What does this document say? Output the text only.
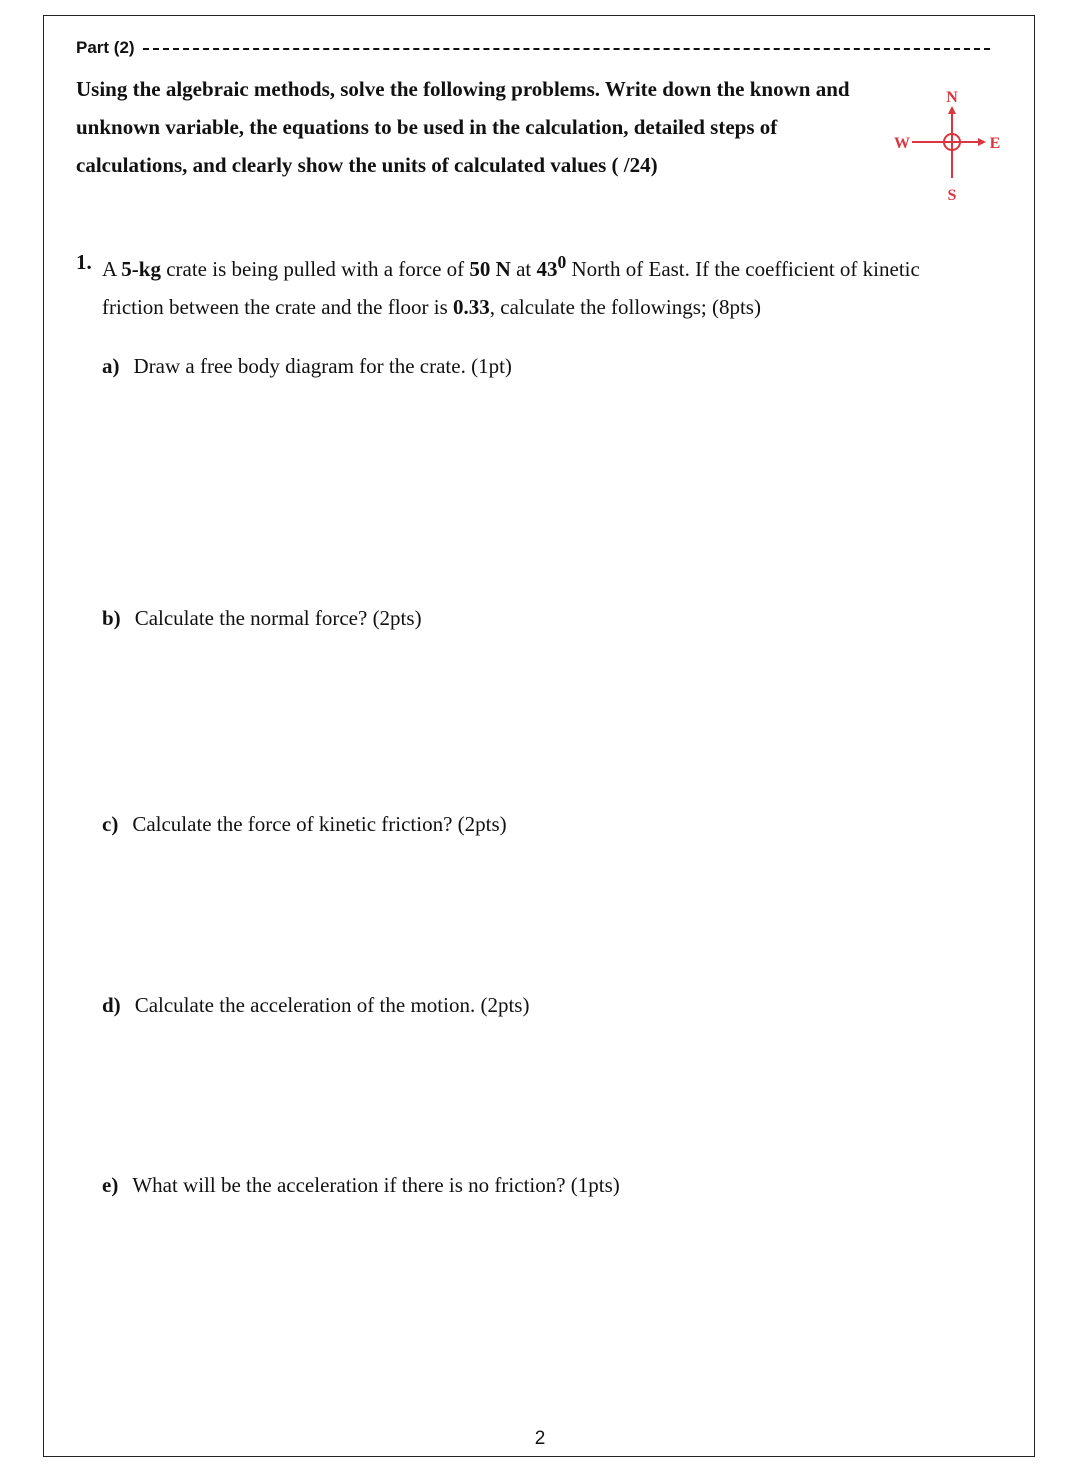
Part (2)

Using the algebraic methods, solve the following problems. Write down the known and unknown variable, the equations to be used in the calculation, detailed steps of calculations, and clearly show the units of calculated values ( /24)

N
S
E
W
1. A 5-kg crate is being pulled with a force of 50 N at $43^0$ North of East. If the coefficient of kinetic friction between the crate and the floor is 0.33, calculate the followings; (8pts)
a) Draw a free body diagram for the crate. (1pt)
b) Calculate the normal force? (2pts)
c) Calculate the force of kinetic friction? (2pts)
d) Calculate the acceleration of the motion. (2pts)
e) What will be the acceleration if there is no friction? (1pts)
2
